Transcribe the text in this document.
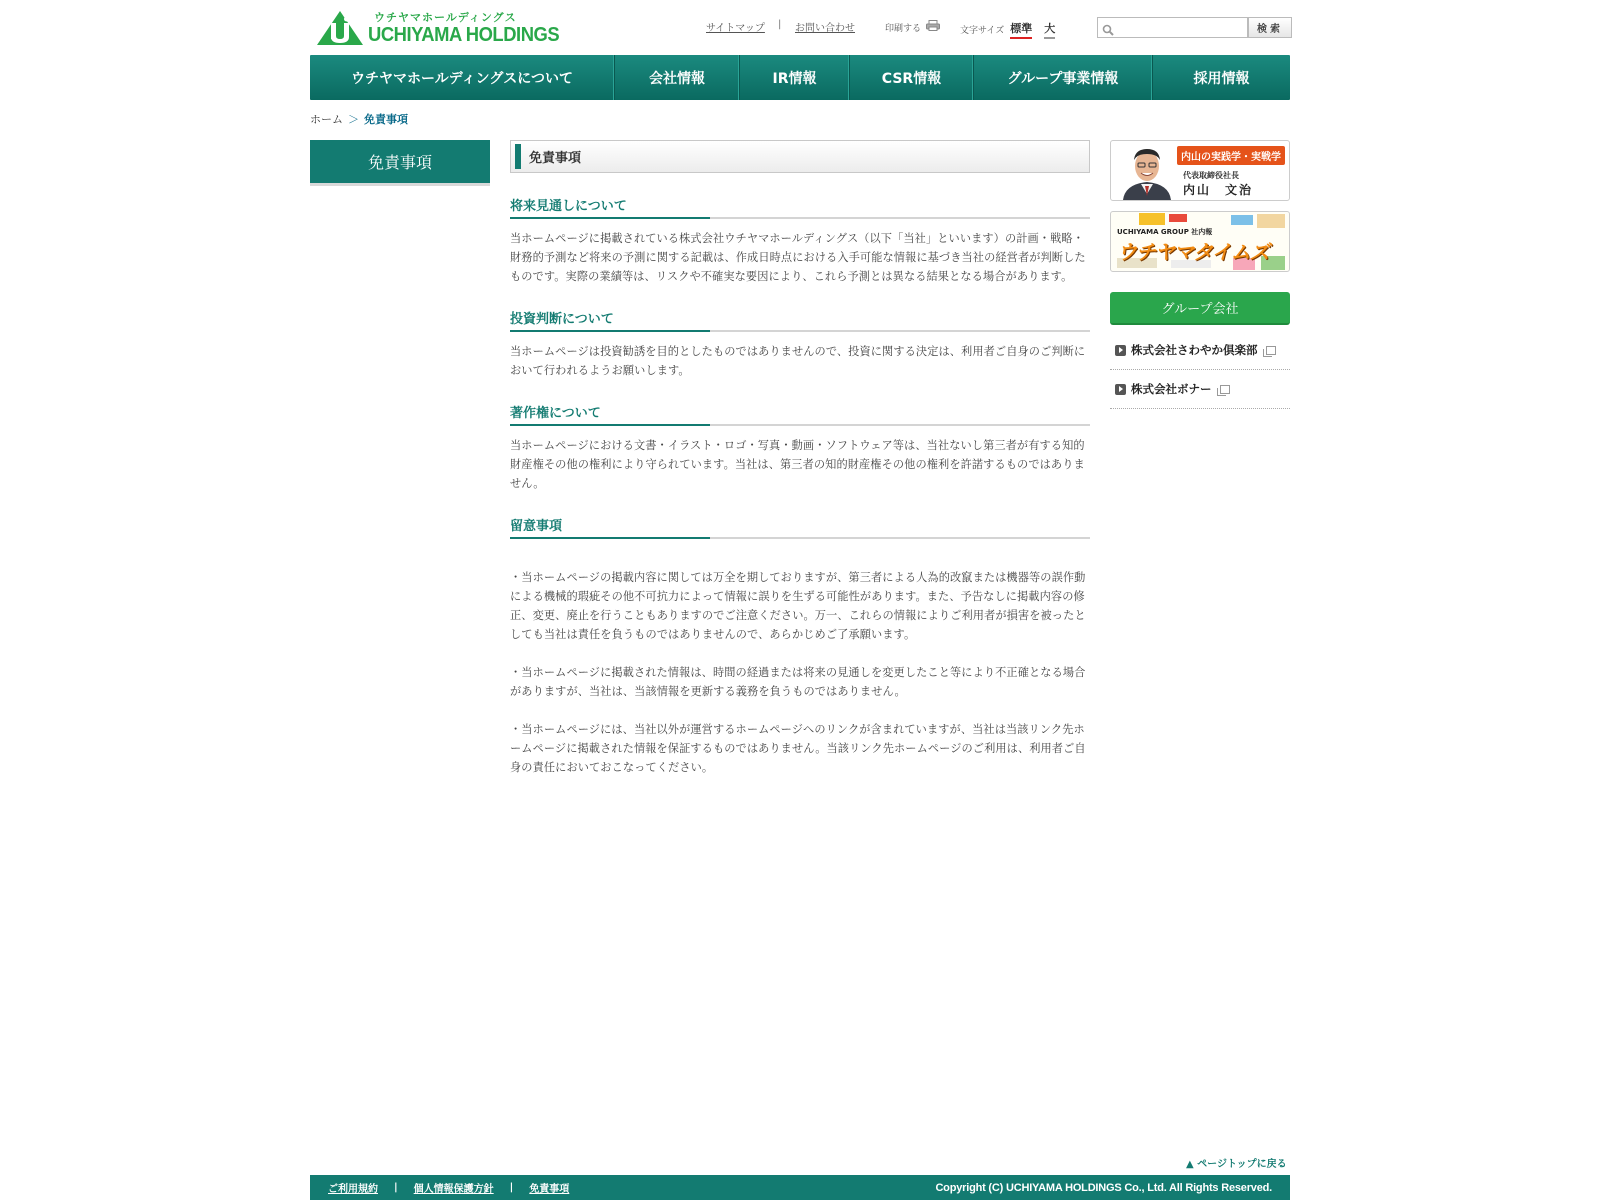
ウチヤマホールディングス
UCHIYAMA HOLDINGS	サイトマップ | お問い合わせ	印刷する	文字サイズ 標準 大	検索
ウチヤマホールディングスについて	会社情報	IR情報	CSR情報	グループ事業情報	採用情報
ホーム ＞ 免責事項
免責事項	免責事項
将来見通しについて

当ホームページに掲載されている株式会社ウチヤマホールディングス（以下「当社」といいます）の計画・戦略・財務的予測など将来の予測に関する記載は、作成日時点における入手可能な情報に基づき当社の経営者が判断したものです。実際の業績等は、リスクや不確実な要因により、これら予測とは異なる結果となる場合があります。

投資判断について

当ホームページは投資勧誘を目的としたものではありませんので、投資に関する決定は、利用者ご自身のご判断において行われるようお願いします。

著作権について

当ホームページにおける文書・イラスト・ロゴ・写真・動画・ソフトウェア等は、当社ないし第三者が有する知的財産権その他の権利により守られています。当社は、第三者の知的財産権その他の権利を許諾するものではありません。

留意事項

・当ホームページの掲載内容に関しては万全を期しておりますが、第三者による人為的改竄または機器等の誤作動による機械的瑕疵その他不可抗力によって情報に誤りを生ずる可能性があります。また、予告なしに掲載内容の修正、変更、廃止を行うこともありますのでご注意ください。万一、これらの情報によりご利用者が損害を被ったとしても当社は責任を負うものではありませんので、あらかじめご了承願います。

・当ホームページに掲載された情報は、時間の経過または将来の見通しを変更したこと等により不正確となる場合がありますが、当社は、当該情報を更新する義務を負うものではありません。

・当ホームページには、当社以外が運営するホームページへのリンクが含まれていますが、当社は当該リンク先ホームページに掲載された情報を保証するものではありません。当該リンク先ホームページのご利用は、利用者ご自身の責任においておこなってください。

内山の実践学・実戦学
代表取締役社長
内山　文治
UCHIYAMA GROUP 社内報
ウチヤマタイムズ
グループ会社
株式会社さわやか倶楽部
株式会社ボナー
▲ ページトップに戻る
ご利用規約 | 個人情報保護方針 | 免責事項	Copyright (C) UCHIYAMA HOLDINGS Co., Ltd. All Rights Reserved.
